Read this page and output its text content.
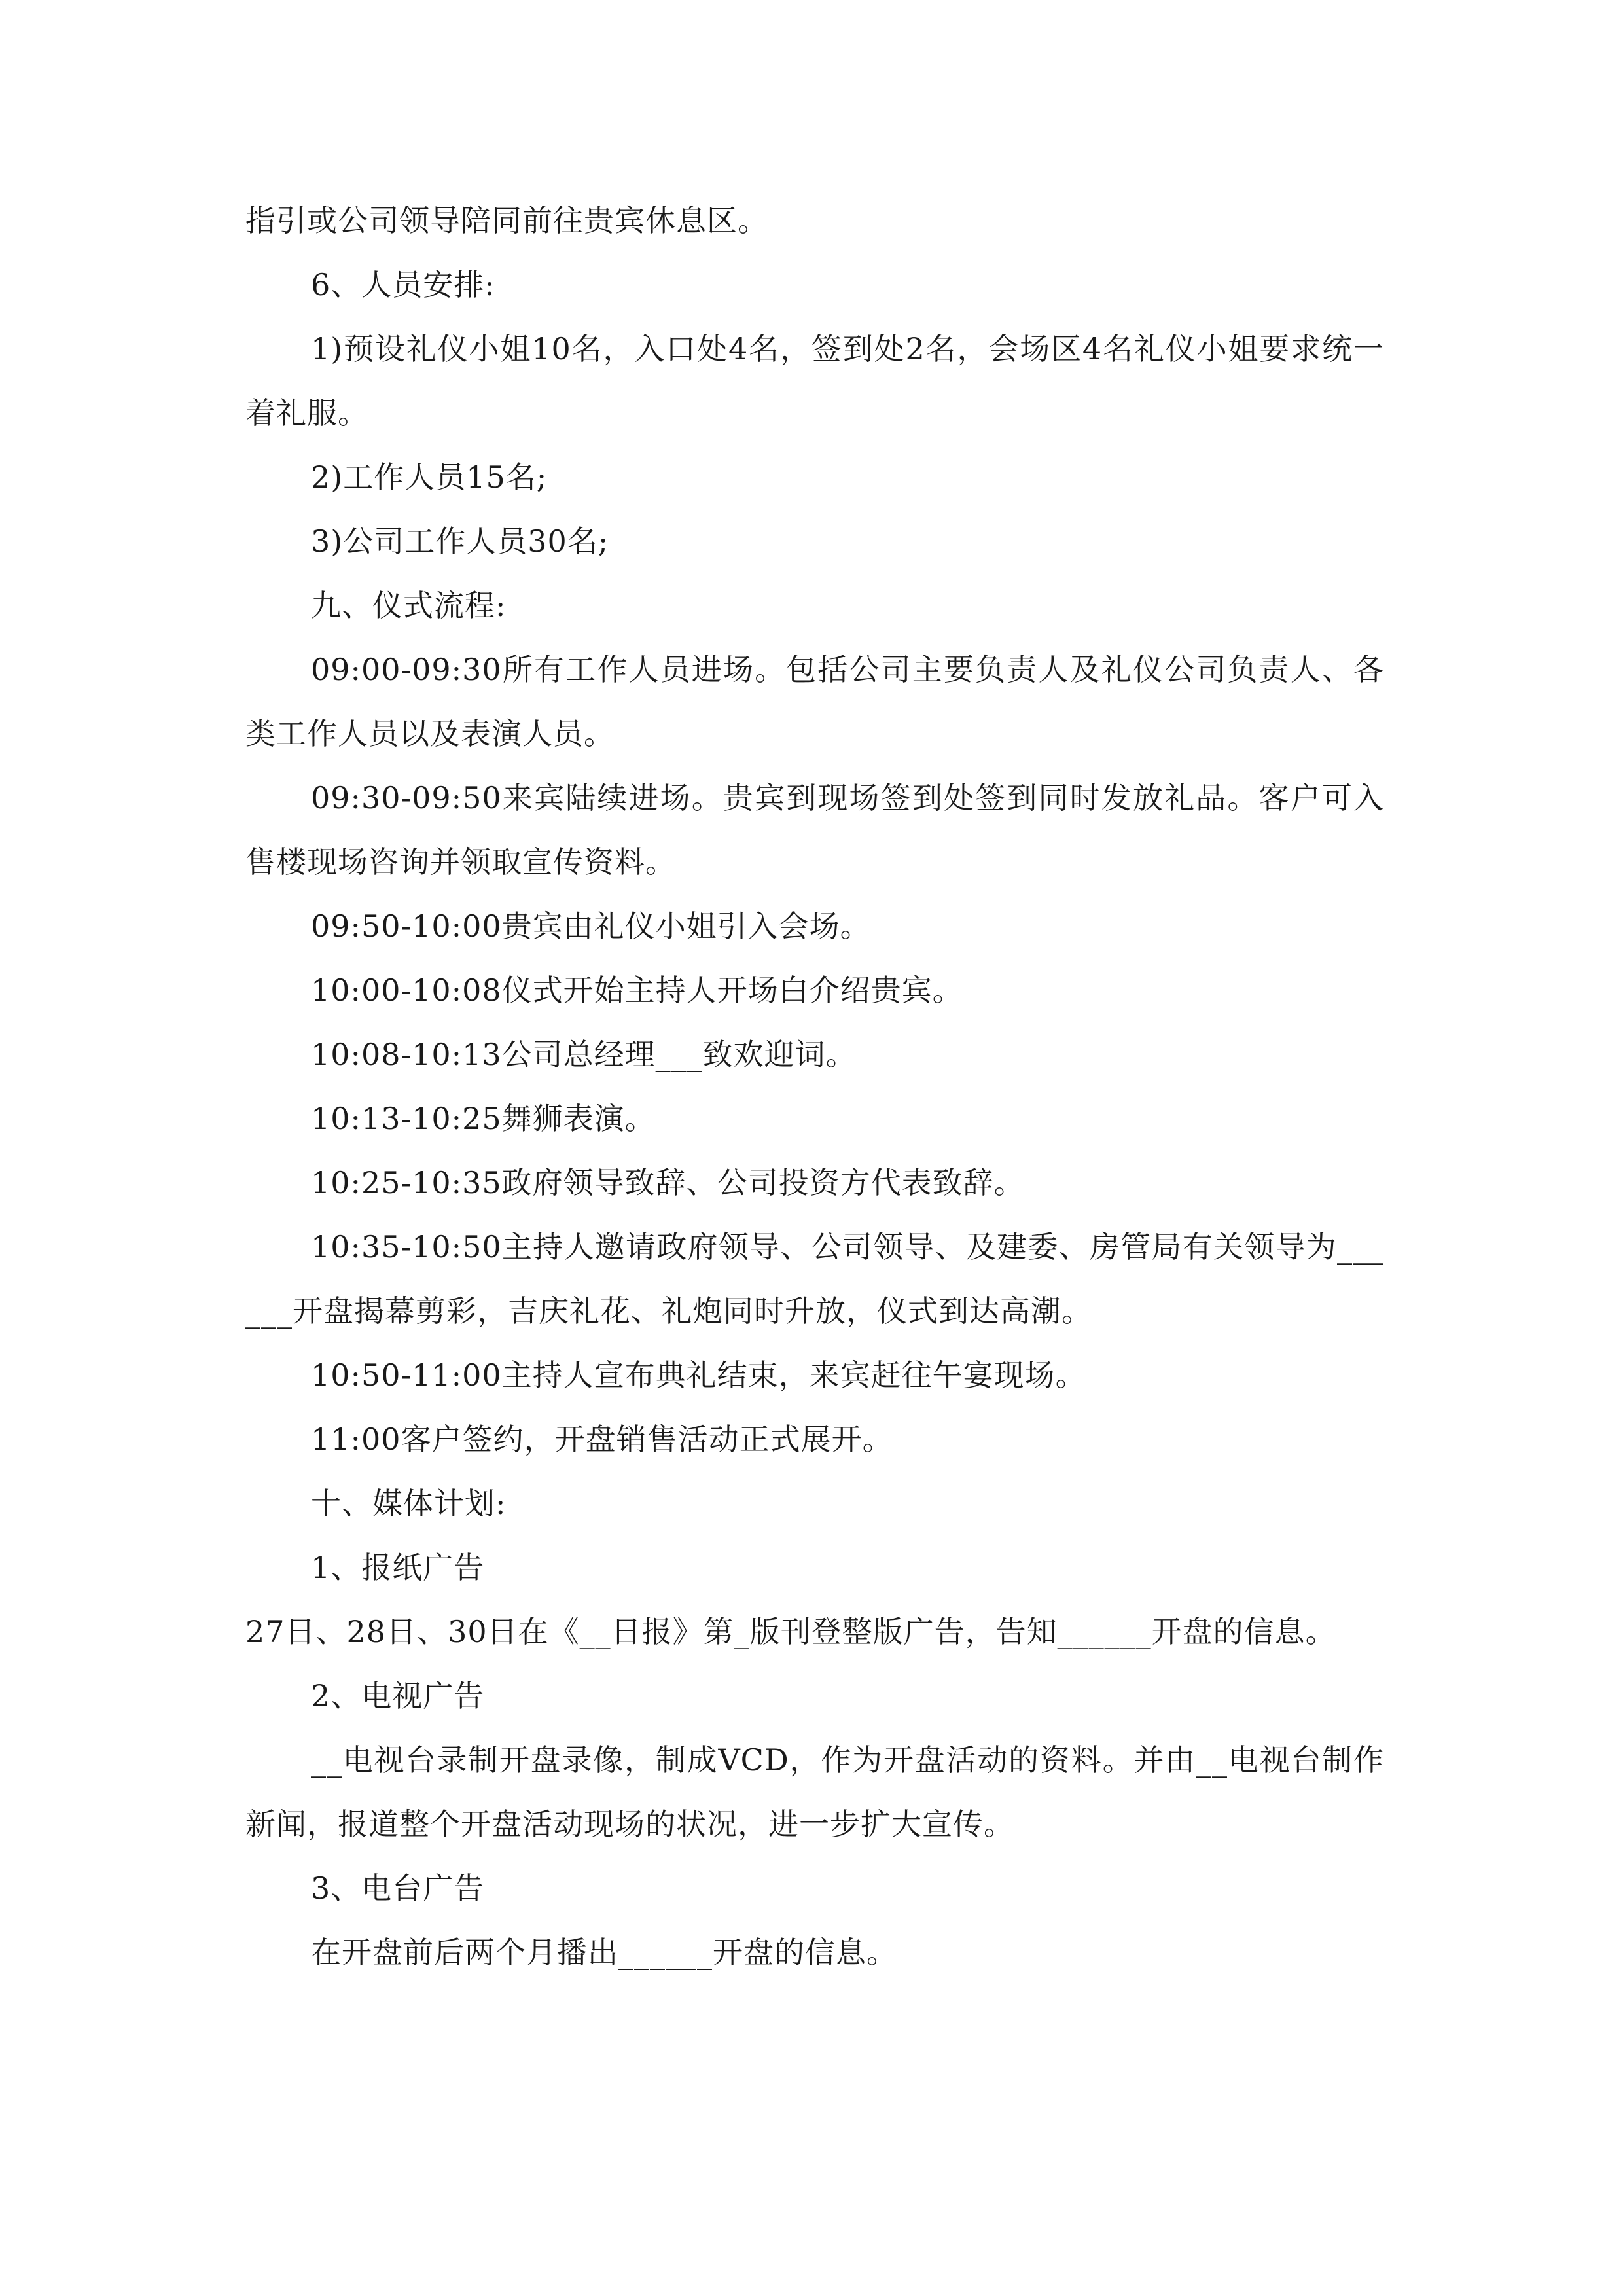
指引或公司领导陪同前往贵宾休息区。

6、人员安排:

1)预设礼仪小姐10名，入口处4名，签到处2名，会场区4名礼仪小姐要求统一着礼服。

2)工作人员15名;

3)公司工作人员30名;

九、仪式流程:

09:00-09:30所有工作人员进场。包括公司主要负责人及礼仪公司负责人、各类工作人员以及表演人员。

09:30-09:50来宾陆续进场。贵宾到现场签到处签到同时发放礼品。客户可入售楼现场咨询并领取宣传资料。

09:50-10:00贵宾由礼仪小姐引入会场。

10:00-10:08仪式开始主持人开场白介绍贵宾。

10:08-10:13公司总经理___致欢迎词。

10:13-10:25舞狮表演。

10:25-10:35政府领导致辞、公司投资方代表致辞。

10:35-10:50主持人邀请政府领导、公司领导、及建委、房管局有关领导为______开盘揭幕剪彩，吉庆礼花、礼炮同时升放，仪式到达高潮。

10:50-11:00主持人宣布典礼结束，来宾赶往午宴现场。

11:00客户签约，开盘销售活动正式展开。

十、媒体计划:

1、报纸广告

27日、28日、30日在《__日报》第_版刊登整版广告，告知______开盘的信息。

2、电视广告

__电视台录制开盘录像，制成VCD，作为开盘活动的资料。并由__电视台制作新闻，报道整个开盘活动现场的状况，进一步扩大宣传。

3、电台广告

在开盘前后两个月播出______开盘的信息。
